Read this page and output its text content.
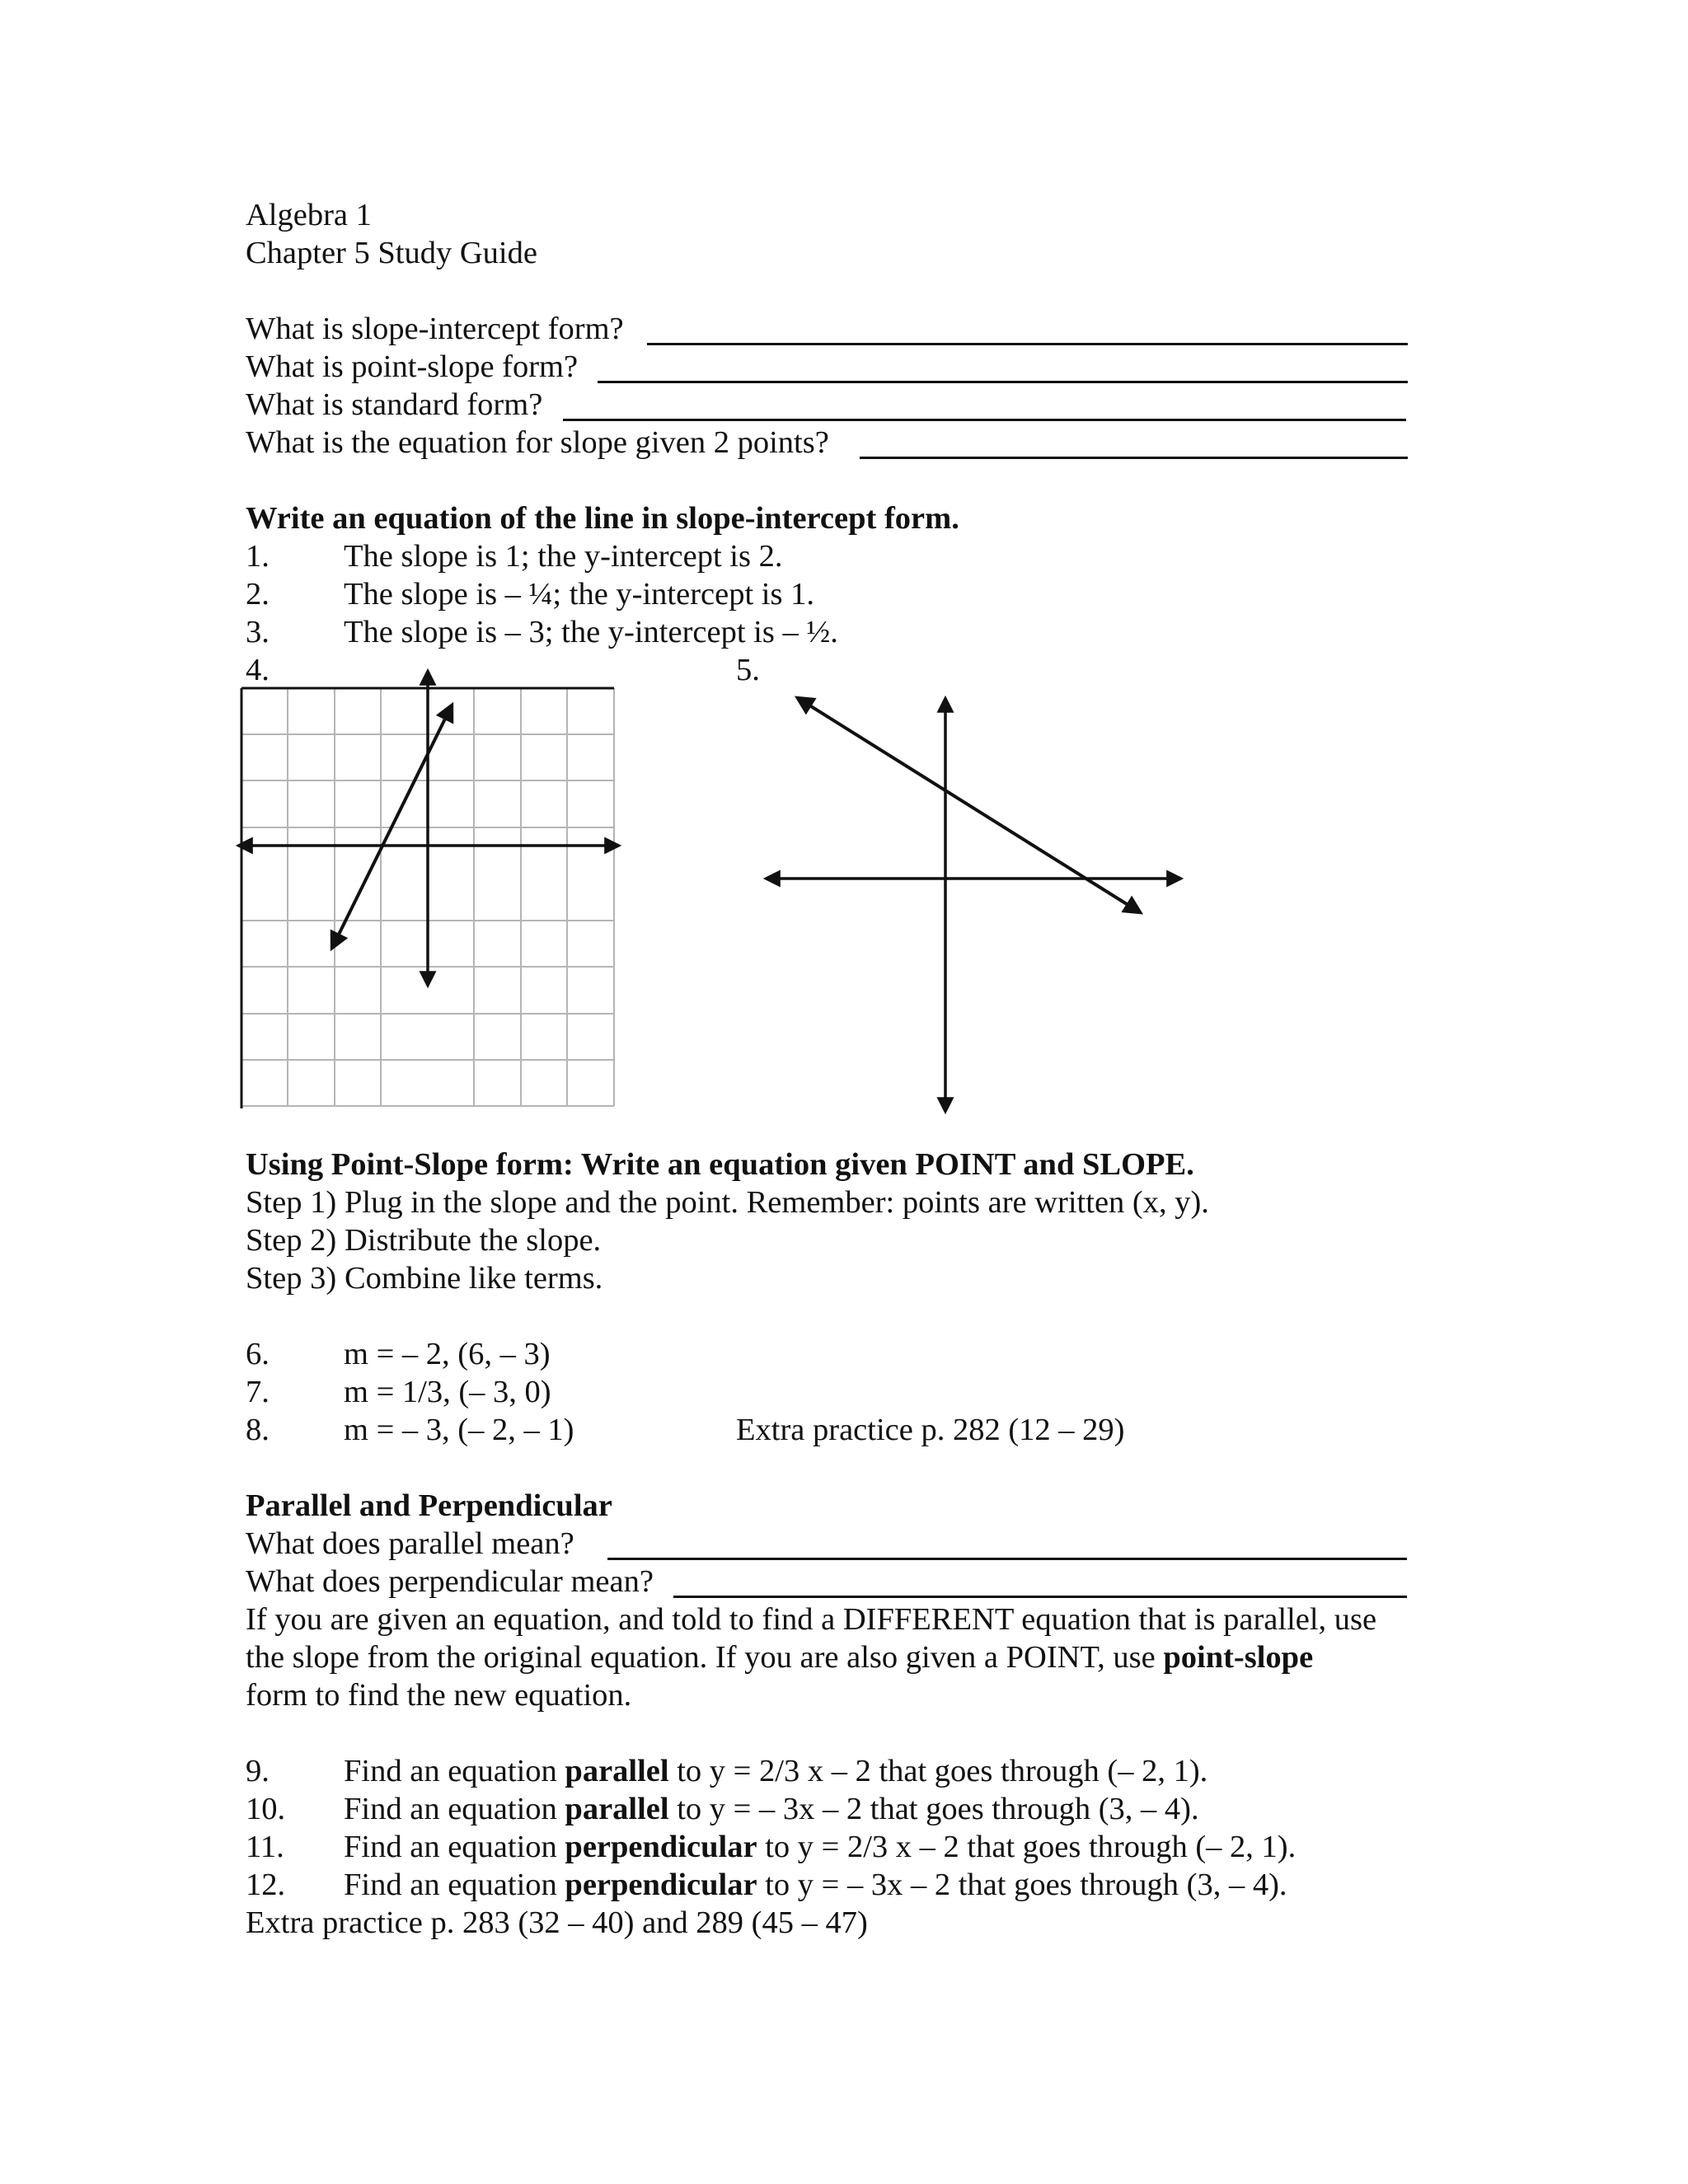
Algebra 1
Chapter 5 Study Guide
What is slope-intercept form?
What is point-slope form?
What is standard form?
What is the equation for slope given 2 points?
Write an equation of the line in slope-intercept form.
1. The slope is 1; the y-intercept is 2.
2. The slope is – ¼; the y-intercept is 1.
3. The slope is – 3; the y-intercept is – ½.
4.	5.
Using Point-Slope form: Write an equation given POINT and SLOPE.
Step 1) Plug in the slope and the point. Remember: points are written (x, y).
Step 2) Distribute the slope.
Step 3) Combine like terms.
6. m = – 2, (6, – 3)
7. m = 1/3, (– 3, 0)
8. m = – 3, (– 2, – 1)	Extra practice p. 282 (12 – 29)
Parallel and Perpendicular
What does parallel mean?
What does perpendicular mean?
If you are given an equation, and told to find a DIFFERENT equation that is parallel, use
the slope from the original equation. If you are also given a POINT, use point-slope
form to find the new equation.
9. Find an equation parallel to y = 2/3 x – 2 that goes through (– 2, 1).
10. Find an equation parallel to y = – 3x – 2 that goes through (3, – 4).
11. Find an equation perpendicular to y = 2/3 x – 2 that goes through (– 2, 1).
12. Find an equation perpendicular to y = – 3x – 2 that goes through (3, – 4).
Extra practice p. 283 (32 – 40) and 289 (45 – 47)
